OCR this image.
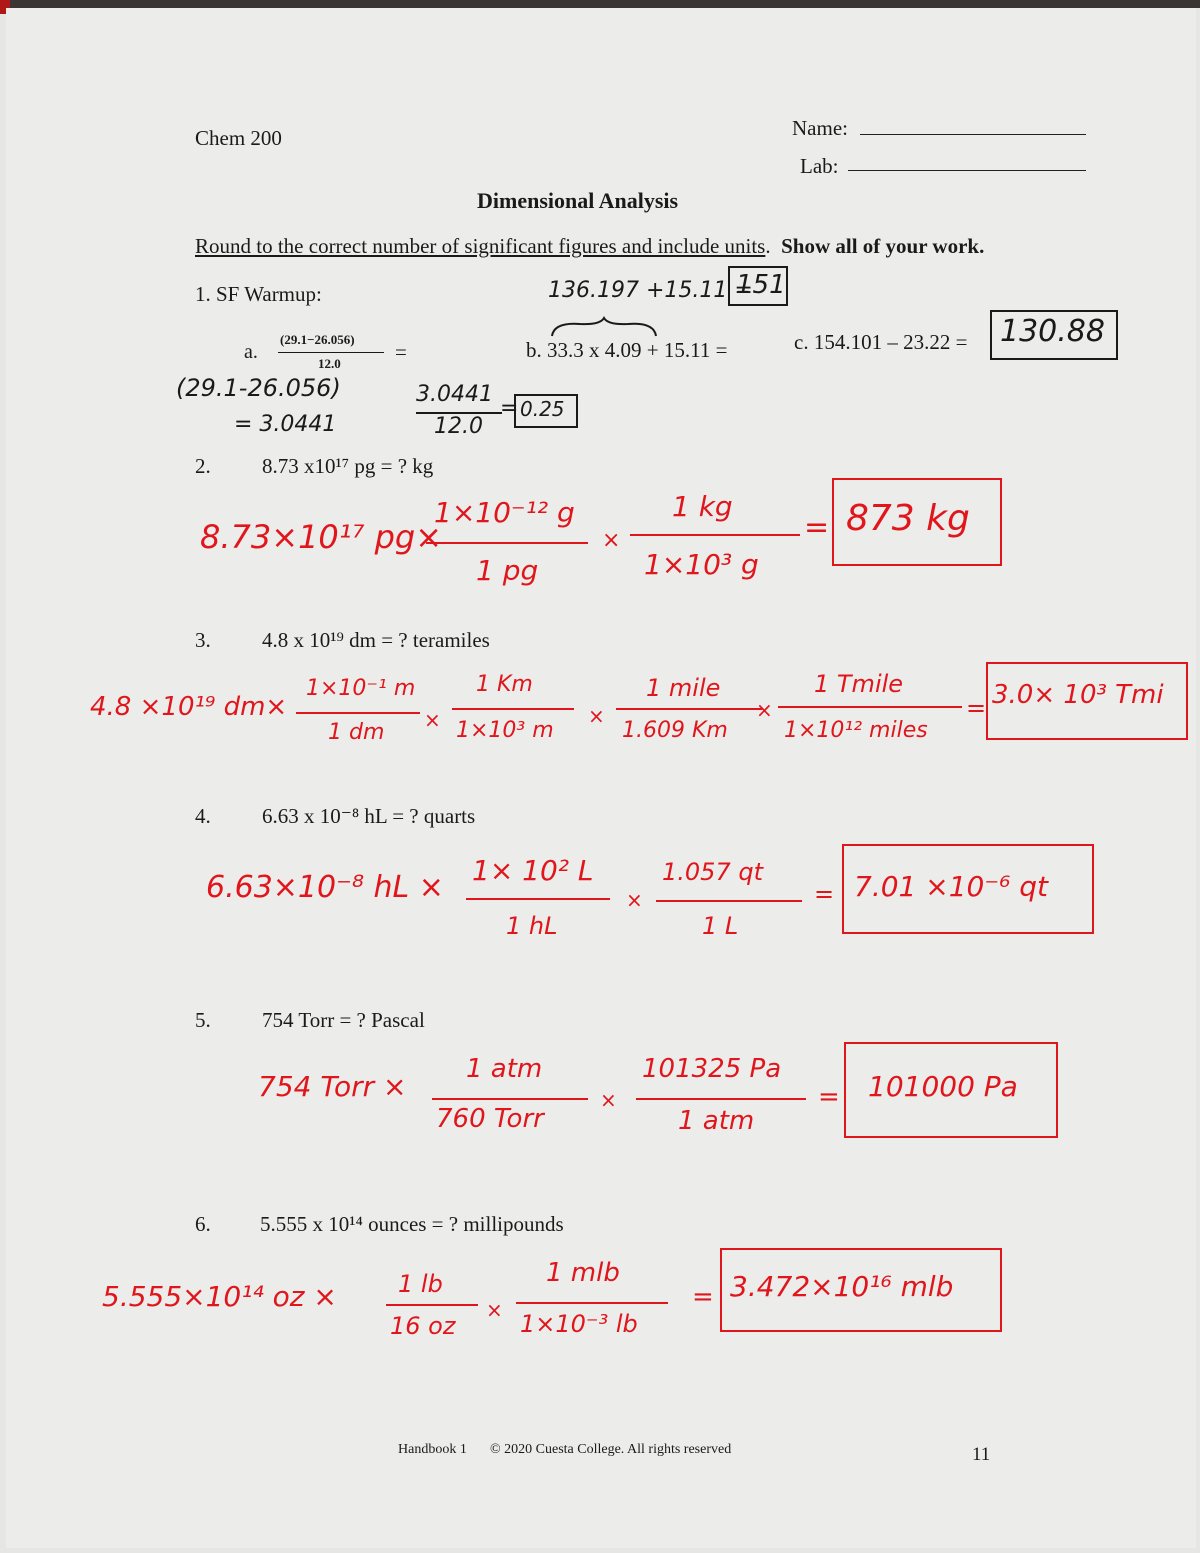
Chem 200	Name:
Lab:
Dimensional Analysis
Round to the correct number of significant figures and include units.  Show all of your work.
1. SF Warmup:	136.197 +15.11 =
151
a.
(29.1−26.056)
12.0	=	b. 33.3 x 4.09 + 15.11 =	c. 154.101 – 23.22 = 130.88
(29.1-26.056)
= 3.0441
3.0441
12.0
= 0.25
2. 8.73 x10¹⁷ pg = ? kg
8.73×10¹⁷ pg×
1×10⁻¹² g
1 pg
×
1 kg
1×10³ g
= 873 kg
3. 4.8 x 10¹⁹ dm = ? teramiles
4.8 ×10¹⁹ dm×
1×10⁻¹ m
1 dm ×
1 Km
1×10³ m
×
1 mile
1.609 Km
×
1 Tmile
1×10¹² miles
= 3.0× 10³ Tmi
4. 6.63 x 10⁻⁸ hL = ? quarts
6.63×10⁻⁸ hL × 1× 10² L
1 hL
×
1.057 qt
1 L
= 7.01 ×10⁻⁶ qt
5. 754 Torr = ? Pascal
754 Torr ×
1 atm
760 Torr
×
101325 Pa
1 atm
= 101000 Pa
6. 5.555 x 10¹⁴ ounces = ? millipounds
5.555×10¹⁴ oz ×	1 lb
16 oz
×
1 mlb
1×10⁻³ lb
= 3.472×10¹⁶ mlb
Handbook 1 © 2020 Cuesta College. All rights reserved	11
